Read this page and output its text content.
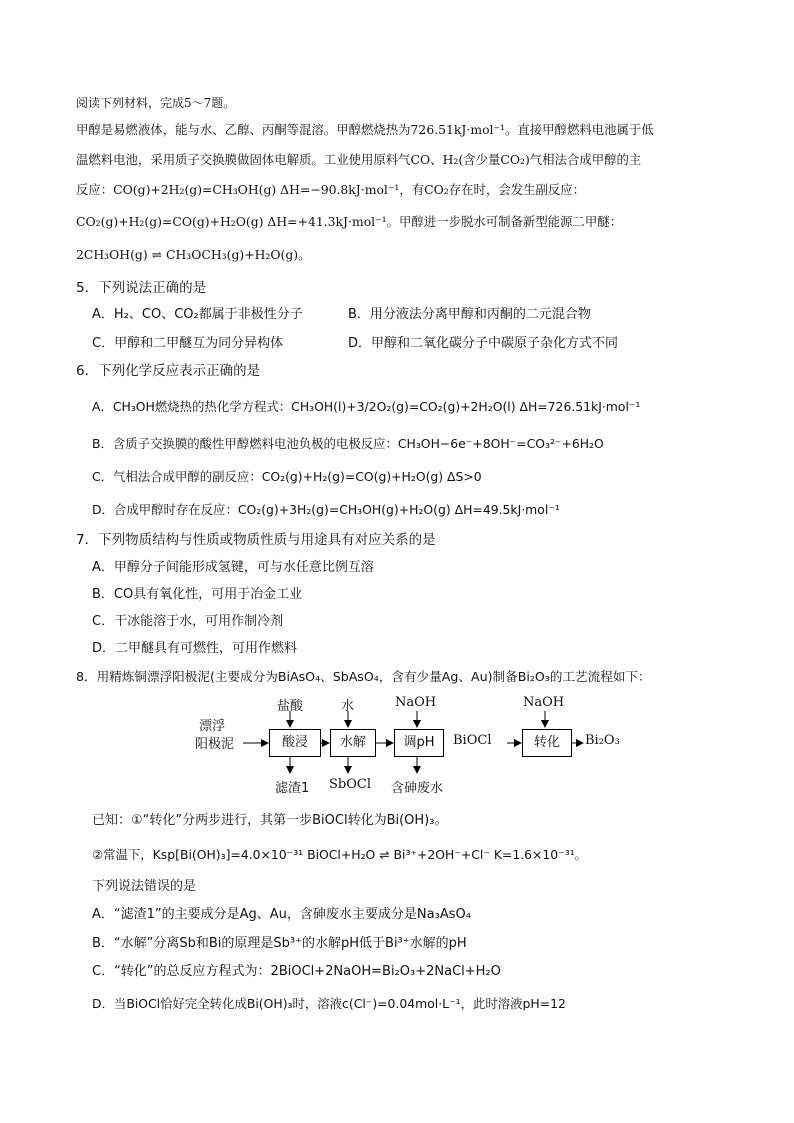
阅读下列材料，完成5～7题。
甲醇是易燃液体，能与水、乙醇、丙酮等混溶。甲醇燃烧热为726.51kJ·mol⁻¹。直接甲醇燃料电池属于低
温燃料电池，采用质子交换膜做固体电解质。工业使用原料气CO、H₂(含少量CO₂)气相法合成甲醇的主
反应：CO(g)+2H₂(g)=CH₃OH(g) ΔH=−90.8kJ·mol⁻¹，有CO₂存在时，会发生副反应：
CO₂(g)+H₂(g)=CO(g)+H₂O(g) ΔH=+41.3kJ·mol⁻¹。甲醇进一步脱水可制备新型能源二甲醚：
2CH₃OH(g) ⇌ CH₃OCH₃(g)+H₂O(g)。
5．下列说法正确的是
A．H₂、CO、CO₂都属于非极性分子	B．用分液法分离甲醇和丙酮的二元混合物
C．甲醇和二甲醚互为同分异构体	D．甲醇和二氧化碳分子中碳原子杂化方式不同
6．下列化学反应表示正确的是
A．CH₃OH燃烧热的热化学方程式：CH₃OH(l)+3/2O₂(g)=CO₂(g)+2H₂O(l) ΔH=726.51kJ·mol⁻¹
B．含质子交换膜的酸性甲醇燃料电池负极的电极反应：CH₃OH−6e⁻+8OH⁻=CO₃²⁻+6H₂O
C．气相法合成甲醇的副反应：CO₂(g)+H₂(g)=CO(g)+H₂O(g) ΔS>0
D．合成甲醇时存在反应：CO₂(g)+3H₂(g)=CH₃OH(g)+H₂O(g) ΔH=49.5kJ·mol⁻¹
7．下列物质结构与性质或物质性质与用途具有对应关系的是
A．甲醇分子间能形成氢键，可与水任意比例互溶
B．CO具有氧化性，可用于冶金工业
C．干冰能溶于水，可用作制冷剂
D．二甲醚具有可燃性，可用作燃料
8．用精炼铜漂浮阳极泥(主要成分为BiAsO₄、SbAsO₄，含有少量Ag、Au)制备Bi₂O₃的工艺流程如下：
漂浮
阳极泥	酸浸	水解	调pH	BiOCl	转化	Bi₂O₃
盐酸	水	NaOH	NaOH
滤渣1 SbOCl 含砷废水
已知：①“转化”分两步进行，其第一步BiOCl转化为Bi(OH)₃。
②常温下，Ksp[Bi(OH)₃]=4.0×10⁻³¹ BiOCl+H₂O ⇌ Bi³⁺+2OH⁻+Cl⁻ K=1.6×10⁻³¹。
下列说法错误的是
A．“滤渣1”的主要成分是Ag、Au，含砷废水主要成分是Na₃AsO₄
B．“水解”分离Sb和Bi的原理是Sb³⁺的水解pH低于Bi³⁺水解的pH
C．“转化”的总反应方程式为：2BiOCl+2NaOH=Bi₂O₃+2NaCl+H₂O
D．当BiOCl恰好完全转化成Bi(OH)₃时，溶液c(Cl⁻)=0.04mol·L⁻¹，此时溶液pH=12
